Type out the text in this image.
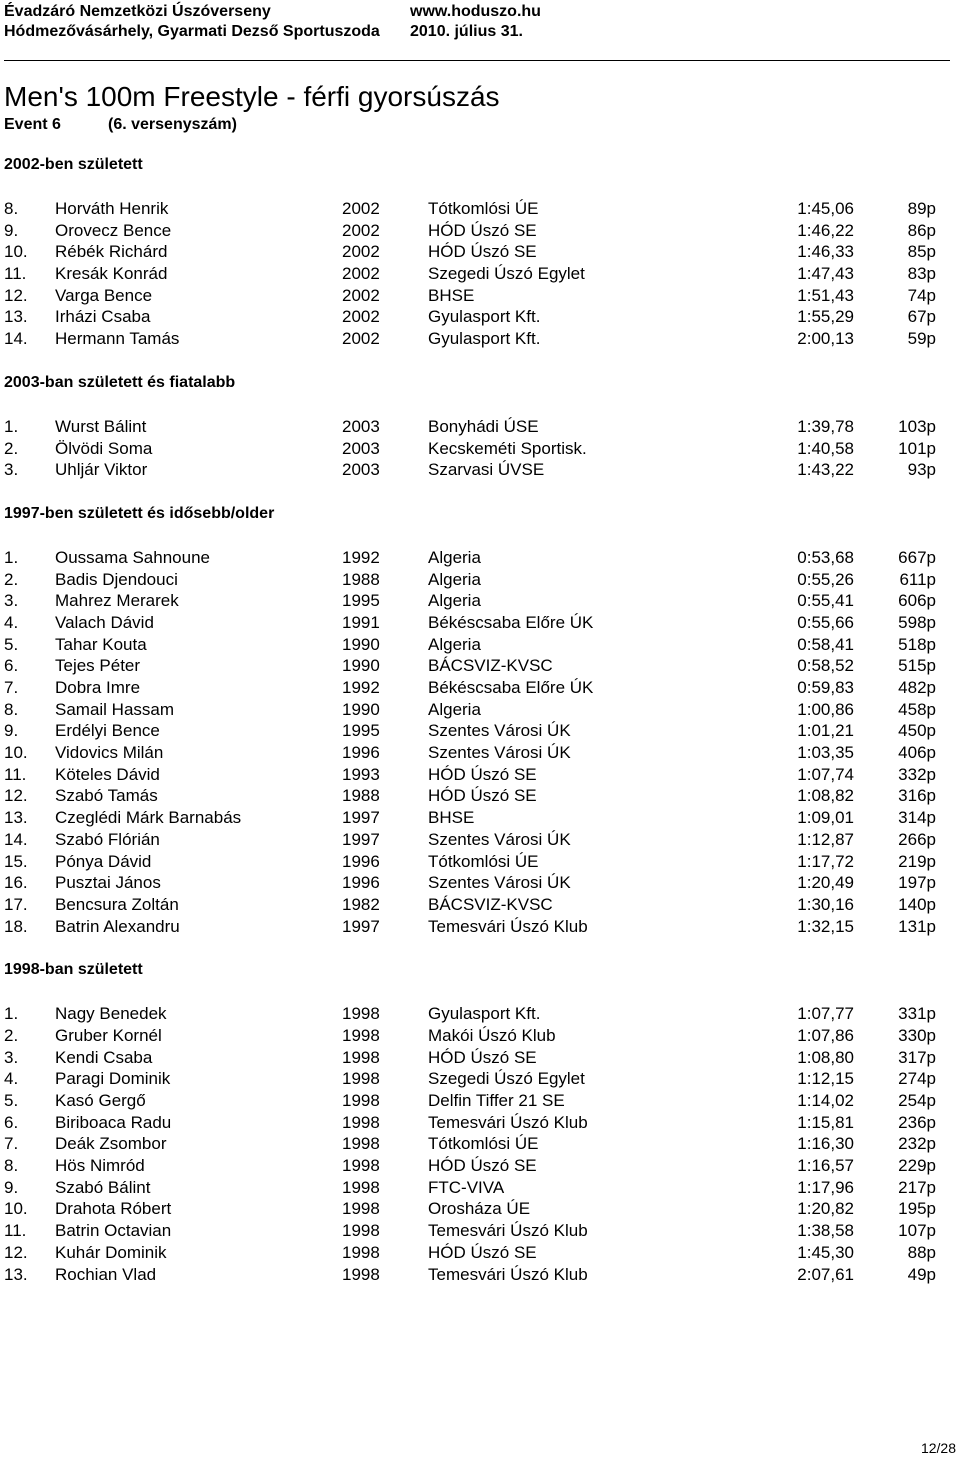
Évadzáró Nemzetközi Úszóverseny	www.hoduszo.hu
Hódmezővásárhely, Gyarmati Dezső Sportuszoda	2010. július 31.
Men's 100m Freestyle - férfi gyorsúszás
Event 6	(6. versenyszám)
2002-ben született
8. Horváth Henrik	2002	Tótkomlósi ÚE	1:45,06	89p
9. Orovecz Bence	2002	HÓD Úszó SE	1:46,22	86p
10. Rébék Richárd	2002	HÓD Úszó SE	1:46,33	85p
11. Kresák Konrád	2002	Szegedi Úszó Egylet	1:47,43	83p
12. Varga Bence	2002	BHSE	1:51,43	74p
13. Irházi Csaba	2002	Gyulasport Kft.	1:55,29	67p
14. Hermann Tamás	2002	Gyulasport Kft.	2:00,13	59p
2003-ban született és fiatalabb
1. Wurst Bálint	2003	Bonyhádi ÚSE	1:39,78	103p
2. Ölvödi Soma	2003	Kecskeméti Sportisk.	1:40,58	101p
3. Uhljár Viktor	2003	Szarvasi ÚVSE	1:43,22	93p
1997-ben született és idősebb/older
1. Oussama Sahnoune	1992	Algeria	0:53,68	667p
2. Badis Djendouci	1988	Algeria	0:55,26	611p
3. Mahrez Merarek	1995	Algeria	0:55,41	606p
4. Valach Dávid	1991	Békéscsaba Előre ÚK	0:55,66	598p
5. Tahar Kouta	1990	Algeria	0:58,41	518p
6. Tejes Péter	1990	BÁCSVIZ-KVSC	0:58,52	515p
7. Dobra Imre	1992	Békéscsaba Előre ÚK	0:59,83	482p
8. Samail Hassam	1990	Algeria	1:00,86	458p
9. Erdélyi Bence	1995	Szentes Városi ÚK	1:01,21	450p
10. Vidovics Milán	1996	Szentes Városi ÚK	1:03,35	406p
11. Köteles Dávid	1993	HÓD Úszó SE	1:07,74	332p
12. Szabó Tamás	1988	HÓD Úszó SE	1:08,82	316p
13. Czeglédi Márk Barnabás	1997	BHSE	1:09,01	314p
14. Szabó Flórián	1997	Szentes Városi ÚK	1:12,87	266p
15. Pónya Dávid	1996	Tótkomlósi ÚE	1:17,72	219p
16. Pusztai János	1996	Szentes Városi ÚK	1:20,49	197p
17. Bencsura Zoltán	1982	BÁCSVIZ-KVSC	1:30,16	140p
18. Batrin Alexandru	1997	Temesvári Úszó Klub	1:32,15	131p
1998-ban született
1. Nagy Benedek	1998	Gyulasport Kft.	1:07,77	331p
2. Gruber Kornél	1998	Makói Úszó Klub	1:07,86	330p
3. Kendi Csaba	1998	HÓD Úszó SE	1:08,80	317p
4. Paragi Dominik	1998	Szegedi Úszó Egylet	1:12,15	274p
5. Kasó Gergő	1998	Delfin Tiffer 21 SE	1:14,02	254p
6. Biriboaca Radu	1998	Temesvári Úszó Klub	1:15,81	236p
7. Deák Zsombor	1998	Tótkomlósi ÚE	1:16,30	232p
8. Hös Nimród	1998	HÓD Úszó SE	1:16,57	229p
9. Szabó Bálint	1998	FTC-VIVA	1:17,96	217p
10. Drahota Róbert	1998	Orosháza ÚE	1:20,82	195p
11. Batrin Octavian	1998	Temesvári Úszó Klub	1:38,58	107p
12. Kuhár Dominik	1998	HÓD Úszó SE	1:45,30	88p
13. Rochian Vlad	1998	Temesvári Úszó Klub	2:07,61	49p
12/28
